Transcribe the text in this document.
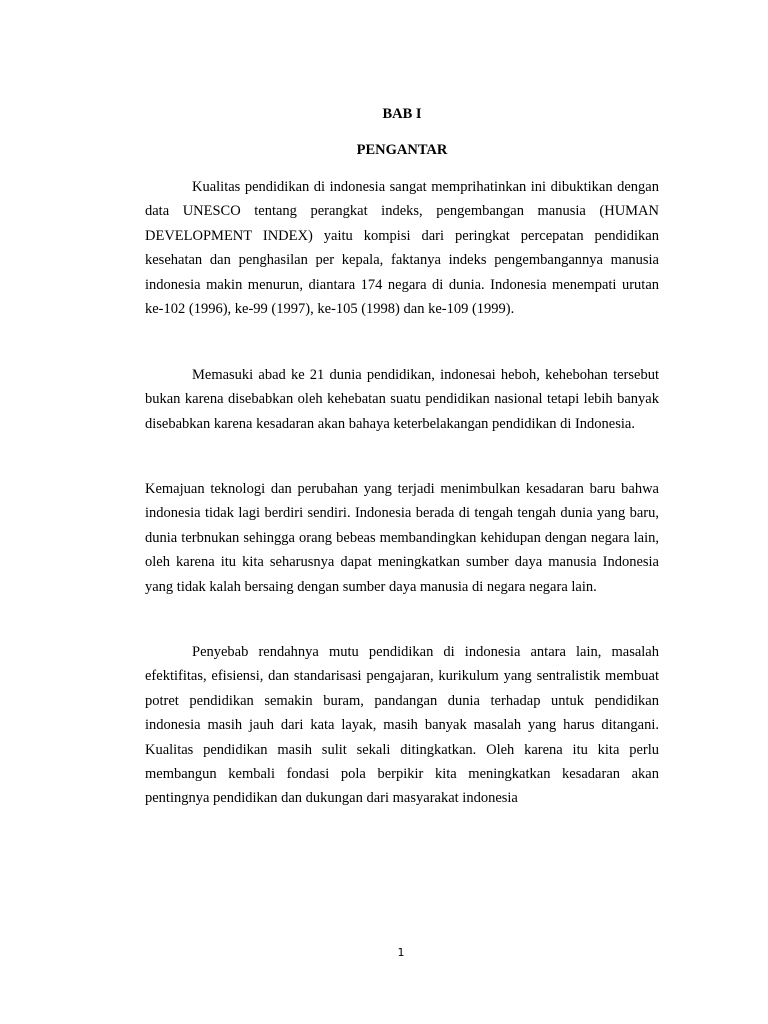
BAB I
PENGANTAR

Kualitas pendidikan di indonesia sangat memprihatinkan ini dibuktikan dengan data UNESCO tentang perangkat indeks, pengembangan manusia (HUMAN DEVELOPMENT INDEX) yaitu kompisi dari peringkat percepatan pendidikan kesehatan dan penghasilan per kepala, faktanya indeks pengembangannya manusia indonesia makin menurun, diantara 174 negara di dunia. Indonesia menempati urutan ke-102 (1996), ke-99 (1997), ke-105 (1998) dan ke-109 (1999).

Memasuki abad ke 21 dunia pendidikan, indonesai heboh, kehebohan tersebut bukan karena disebabkan oleh kehebatan suatu pendidikan nasional tetapi lebih banyak disebabkan karena kesadaran akan bahaya keterbelakangan pendidikan di Indonesia.

Kemajuan teknologi dan perubahan yang terjadi menimbulkan kesadaran baru bahwa indonesia tidak lagi berdiri sendiri. Indonesia berada di tengah tengah dunia yang baru, dunia terbnukan sehingga orang bebeas membandingkan kehidupan dengan negara lain, oleh karena itu kita seharusnya dapat meningkatkan sumber daya manusia Indonesia yang tidak kalah bersaing dengan sumber daya manusia di negara negara lain.

Penyebab rendahnya mutu pendidikan di indonesia antara lain, masalah efektifitas, efisiensi, dan standarisasi pengajaran, kurikulum yang sentralistik membuat potret pendidikan semakin buram, pandangan dunia terhadap untuk pendidikan indonesia masih jauh dari kata layak, masih banyak masalah yang harus ditangani. Kualitas pendidikan masih sulit sekali ditingkatkan. Oleh karena itu kita perlu membangun kembali fondasi pola berpikir kita meningkatkan kesadaran akan pentingnya pendidikan dan dukungan dari masyarakat indonesia

1
